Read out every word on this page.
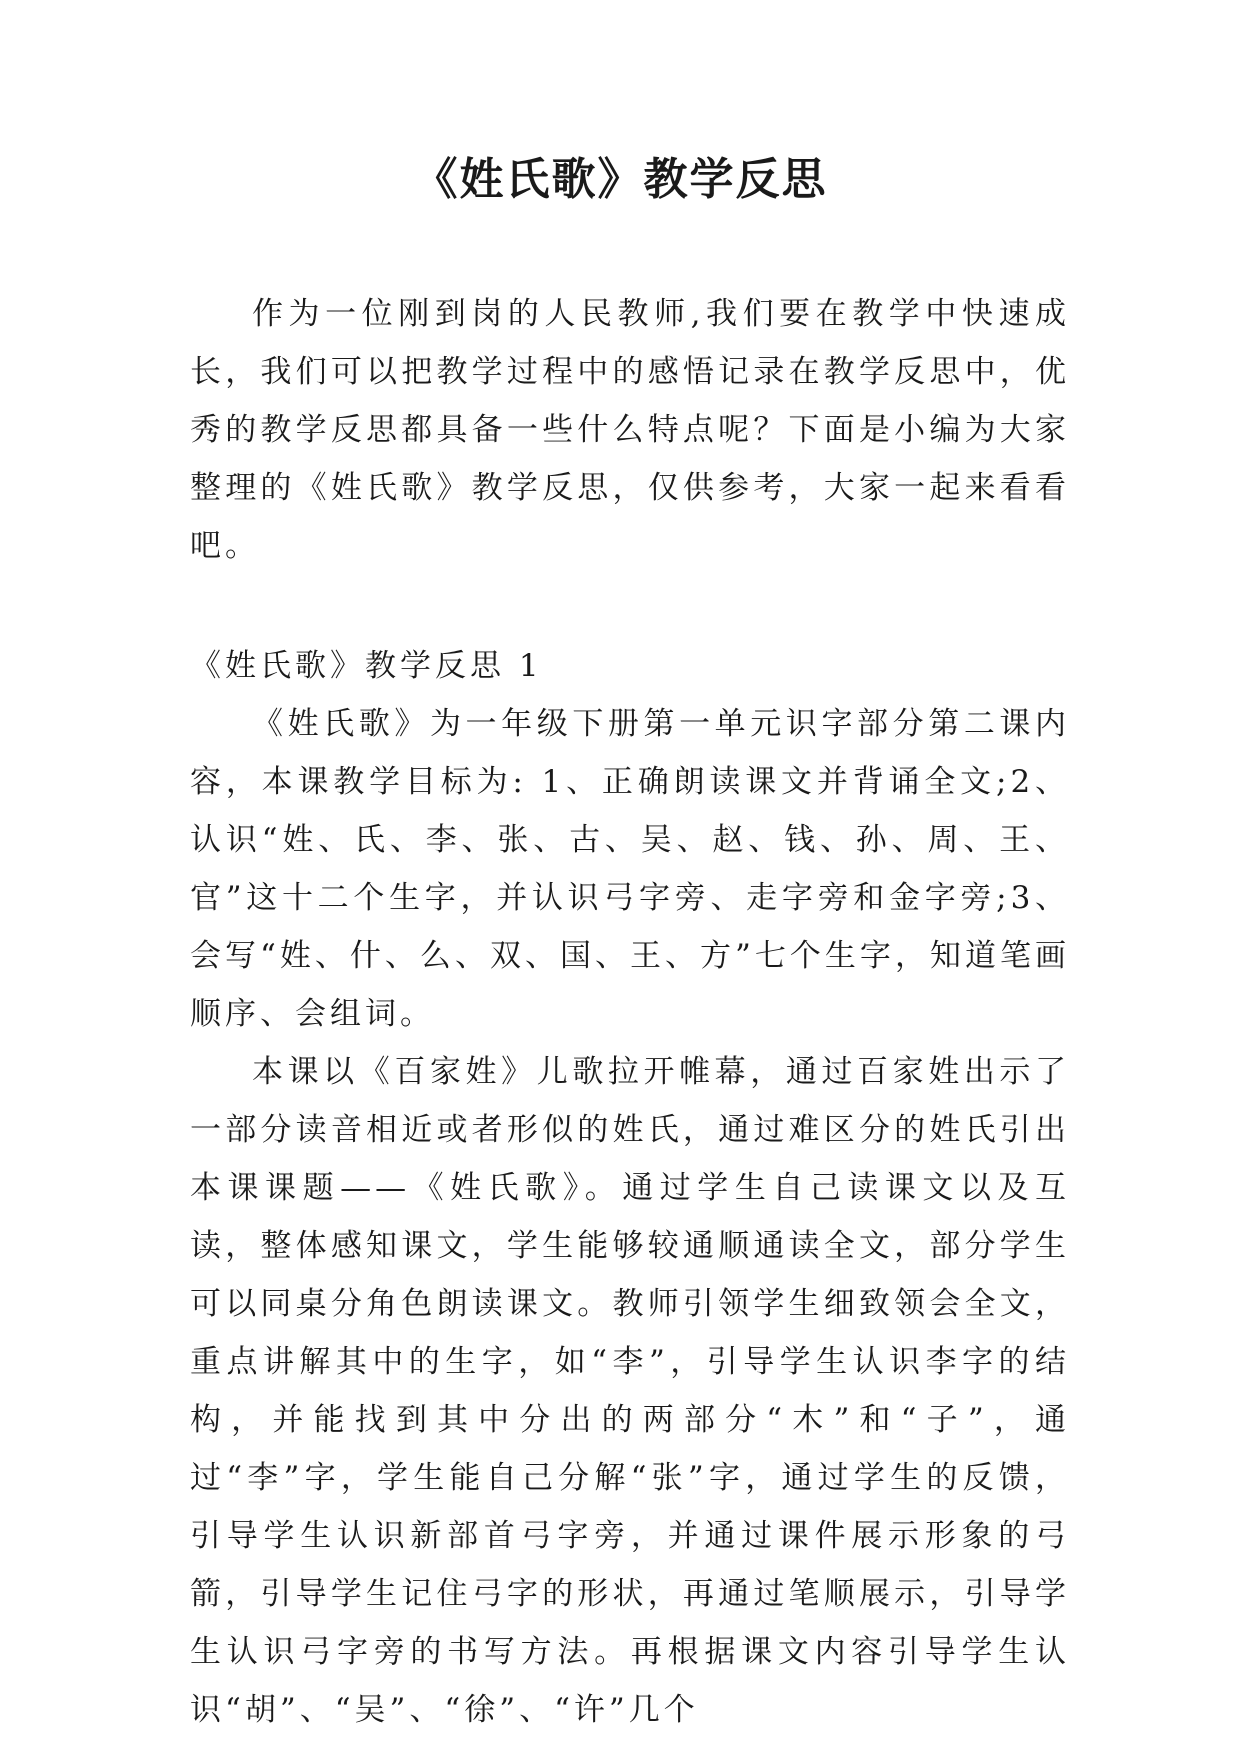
《姓氏歌》教学反思

作为一位刚到岗的人民教师,我们要在教学中快速成长，我们可以把教学过程中的感悟记录在教学反思中，优秀的教学反思都具备一些什么特点呢？下面是小编为大家整理的《姓氏歌》教学反思，仅供参考，大家一起来看看吧。

《姓氏歌》教学反思 1

《姓氏歌》为一年级下册第一单元识字部分第二课内容，本课教学目标为: 1、正确朗读课文并背诵全文;2、认识“姓、氏、李、张、古、吴、赵、钱、孙、周、王、官”这十二个生字，并认识弓字旁、走字旁和金字旁;3、会写“姓、什、么、双、国、王、方”七个生字，知道笔画顺序、会组词。

本课以《百家姓》儿歌拉开帷幕，通过百家姓出示了一部分读音相近或者形似的姓氏，通过难区分的姓氏引出本课课题——《姓氏歌》。通过学生自己读课文以及互读，整体感知课文，学生能够较通顺通读全文，部分学生可以同桌分角色朗读课文。教师引领学生细致领会全文，重点讲解其中的生字，如“李”，引导学生认识李字的结构，并能找到其中分出的两部分“木”和“子”，通过“李”字，学生能自己分解“张”字，通过学生的反馈，引导学生认识新部首弓字旁，并通过课件展示形象的弓箭，引导学生记住弓字的形状，再通过笔顺展示，引导学生认识弓字旁的书写方法。再根据课文内容引导学生认识“胡”、“吴”、“徐”、“许”几个
